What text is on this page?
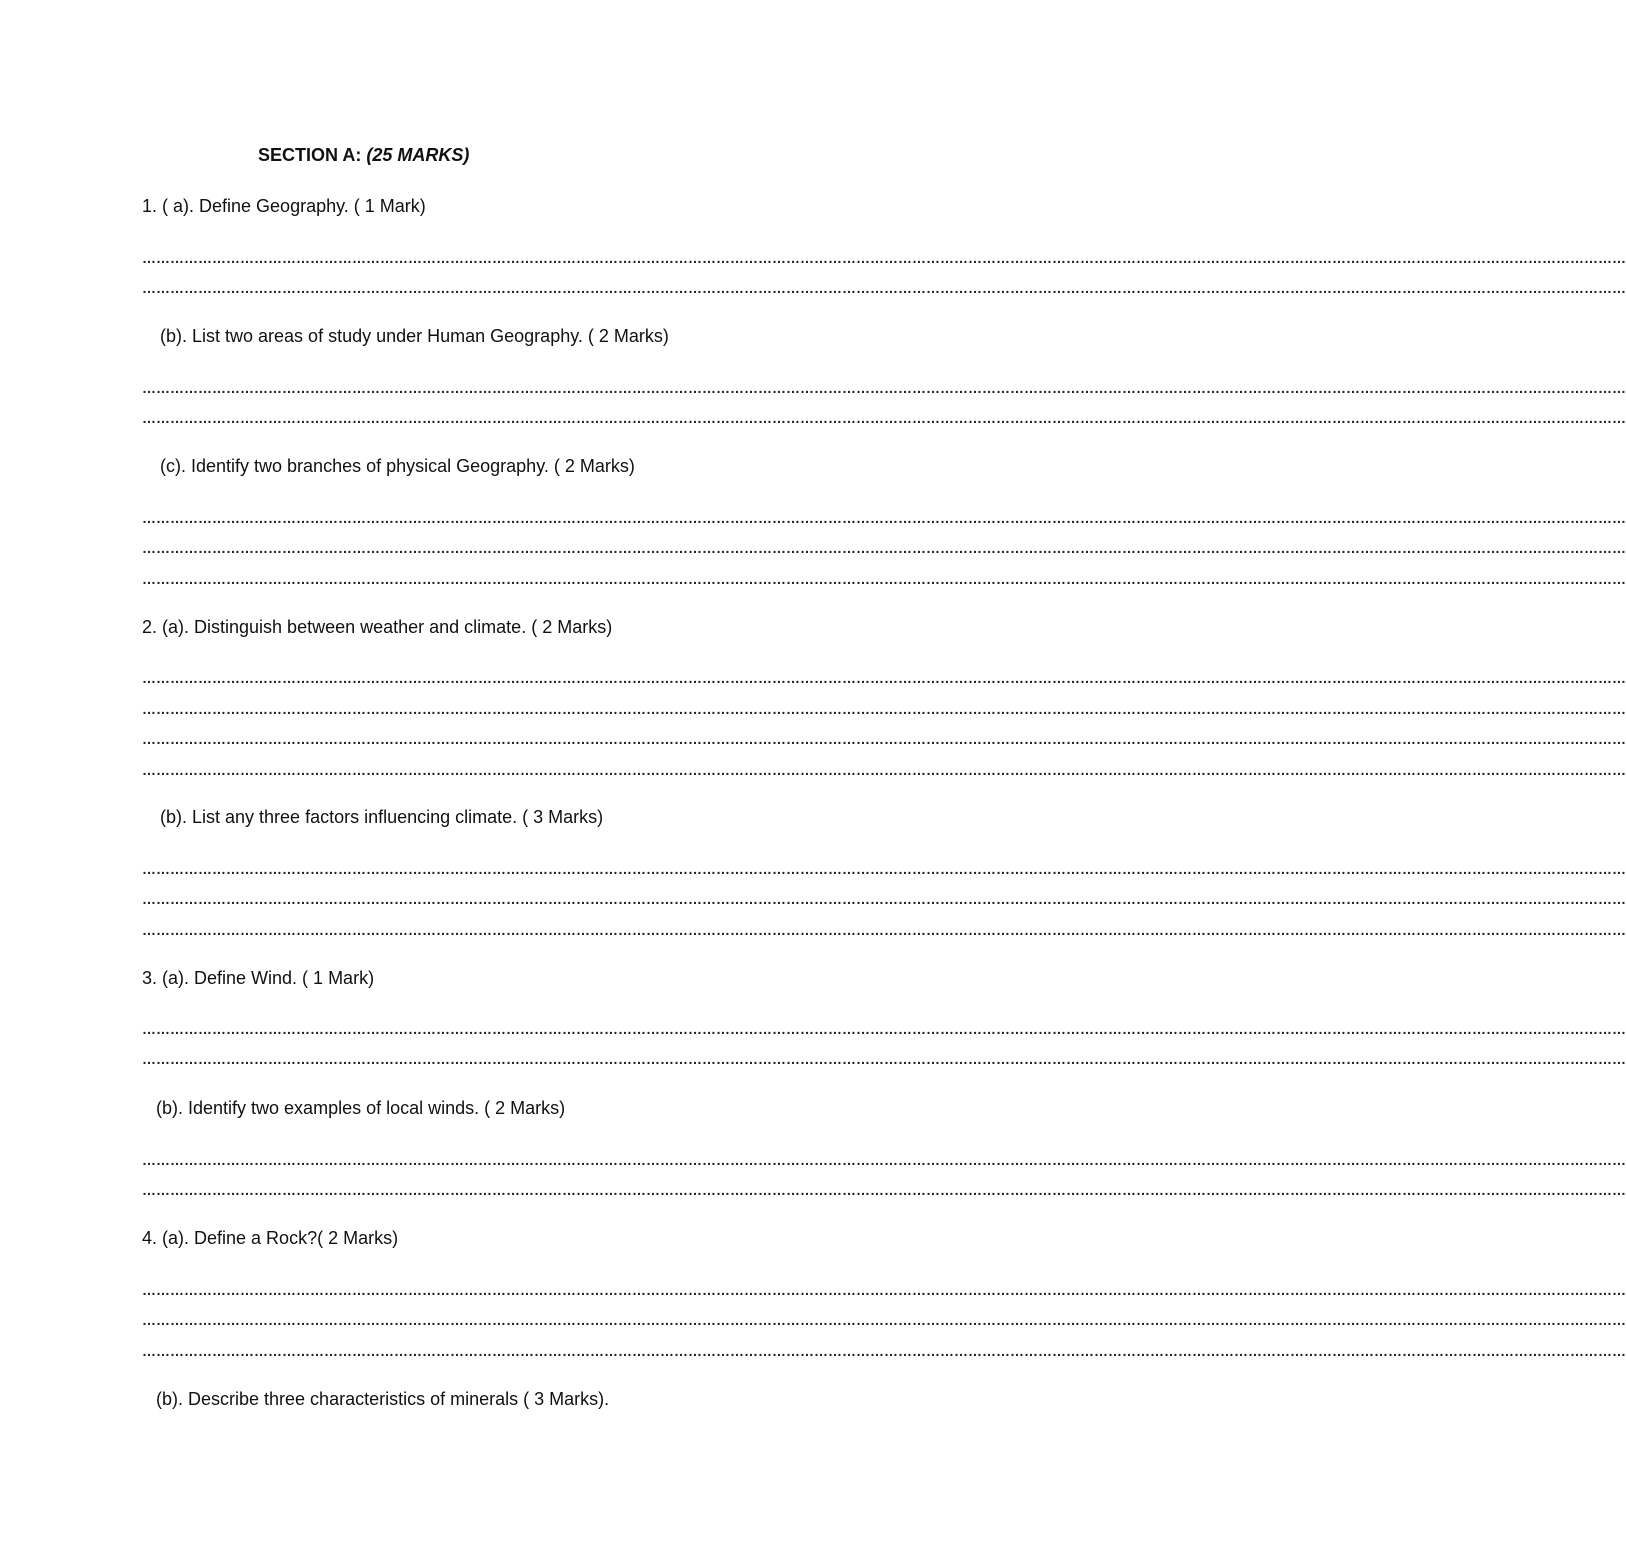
SECTION A: (25 MARKS)
1. ( a). Define Geography. ( 1 Mark)
…………………………………………………………………………………………………………………………………………………………………………………………………………………………………………………………………………………………
…………………………………………………………………………………………………………………………………………………………………………………………………………………………………………………………………………………………
(b). List two areas of study under Human Geography. ( 2 Marks)
…………………………………………………………………………………………………………………………………………………………………………………………………………………………………………………………………………………………
…………………………………………………………………………………………………………………………………………………………………………………………………………………………………………………………………………………………
(c). Identify two branches of physical Geography. ( 2 Marks)
…………………………………………………………………………………………………………………………………………………………………………………………………………………………………………………………………………………………
…………………………………………………………………………………………………………………………………………………………………………………………………………………………………………………………………………………………
…………………………………………………………………………………………………………………………………………………………………………………………………………………………………………………………………………………………
2. (a). Distinguish between weather and climate. ( 2 Marks)
…………………………………………………………………………………………………………………………………………………………………………………………………………………………………………………………………………………………
…………………………………………………………………………………………………………………………………………………………………………………………………………………………………………………………………………………………
…………………………………………………………………………………………………………………………………………………………………………………………………………………………………………………………………………………………
…………………………………………………………………………………………………………………………………………………………………………………………………………………………………………………………………………………………
(b). List any three factors influencing climate. ( 3 Marks)
…………………………………………………………………………………………………………………………………………………………………………………………………………………………………………………………………………………………
…………………………………………………………………………………………………………………………………………………………………………………………………………………………………………………………………………………………
…………………………………………………………………………………………………………………………………………………………………………………………………………………………………………………………………………………………
3. (a). Define Wind. ( 1 Mark)
…………………………………………………………………………………………………………………………………………………………………………………………………………………………………………………………………………………………
…………………………………………………………………………………………………………………………………………………………………………………………………………………………………………………………………………………………
(b). Identify two examples of local winds. ( 2 Marks)
…………………………………………………………………………………………………………………………………………………………………………………………………………………………………………………………………………………………
…………………………………………………………………………………………………………………………………………………………………………………………………………………………………………………………………………………………
4. (a). Define a Rock?( 2 Marks)
…………………………………………………………………………………………………………………………………………………………………………………………………………………………………………………………………………………………
…………………………………………………………………………………………………………………………………………………………………………………………………………………………………………………………………………………………
…………………………………………………………………………………………………………………………………………………………………………………………………………………………………………………………………………………………
(b). Describe three characteristics of minerals ( 3 Marks).
